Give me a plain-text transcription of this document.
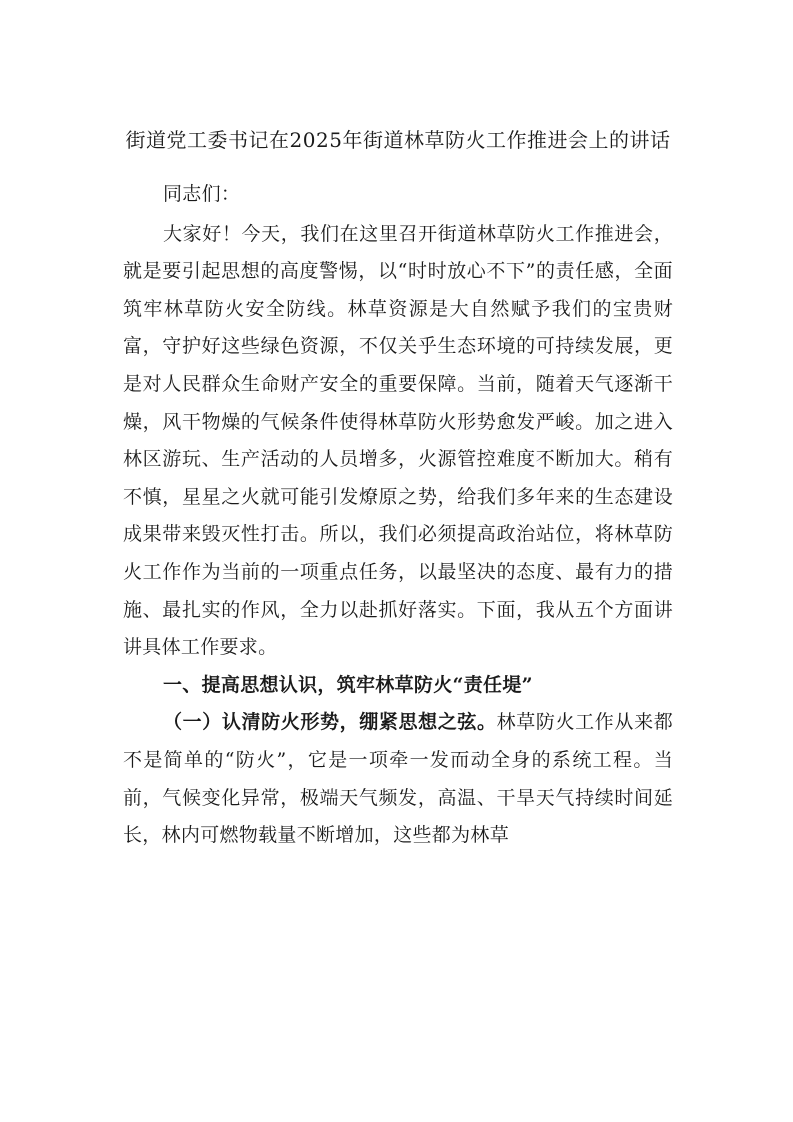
街道党工委书记在2025年街道林草防火工作推进会上的讲话

同志们：

大家好！今天，我们在这里召开街道林草防火工作推进会，就是要引起思想的高度警惕，以“时时放心不下”的责任感，全面筑牢林草防火安全防线。林草资源是大自然赋予我们的宝贵财富，守护好这些绿色资源，不仅关乎生态环境的可持续发展，更是对人民群众生命财产安全的重要保障。当前，随着天气逐渐干燥，风干物燥的气候条件使得林草防火形势愈发严峻。加之进入林区游玩、生产活动的人员增多，火源管控难度不断加大。稍有不慎，星星之火就可能引发燎原之势，给我们多年来的生态建设成果带来毁灭性打击。所以，我们必须提高政治站位，将林草防火工作作为当前的一项重点任务，以最坚决的态度、最有力的措施、最扎实的作风，全力以赴抓好落实。下面，我从五个方面讲讲具体工作要求。

一、提高思想认识，筑牢林草防火“责任堤”

（一）认清防火形势，绷紧思想之弦。林草防火工作从来都不是简单的“防火”，它是一项牵一发而动全身的系统工程。当前，气候变化异常，极端天气频发，高温、干旱天气持续时间延长，林内可燃物载量不断增加，这些都为林草
